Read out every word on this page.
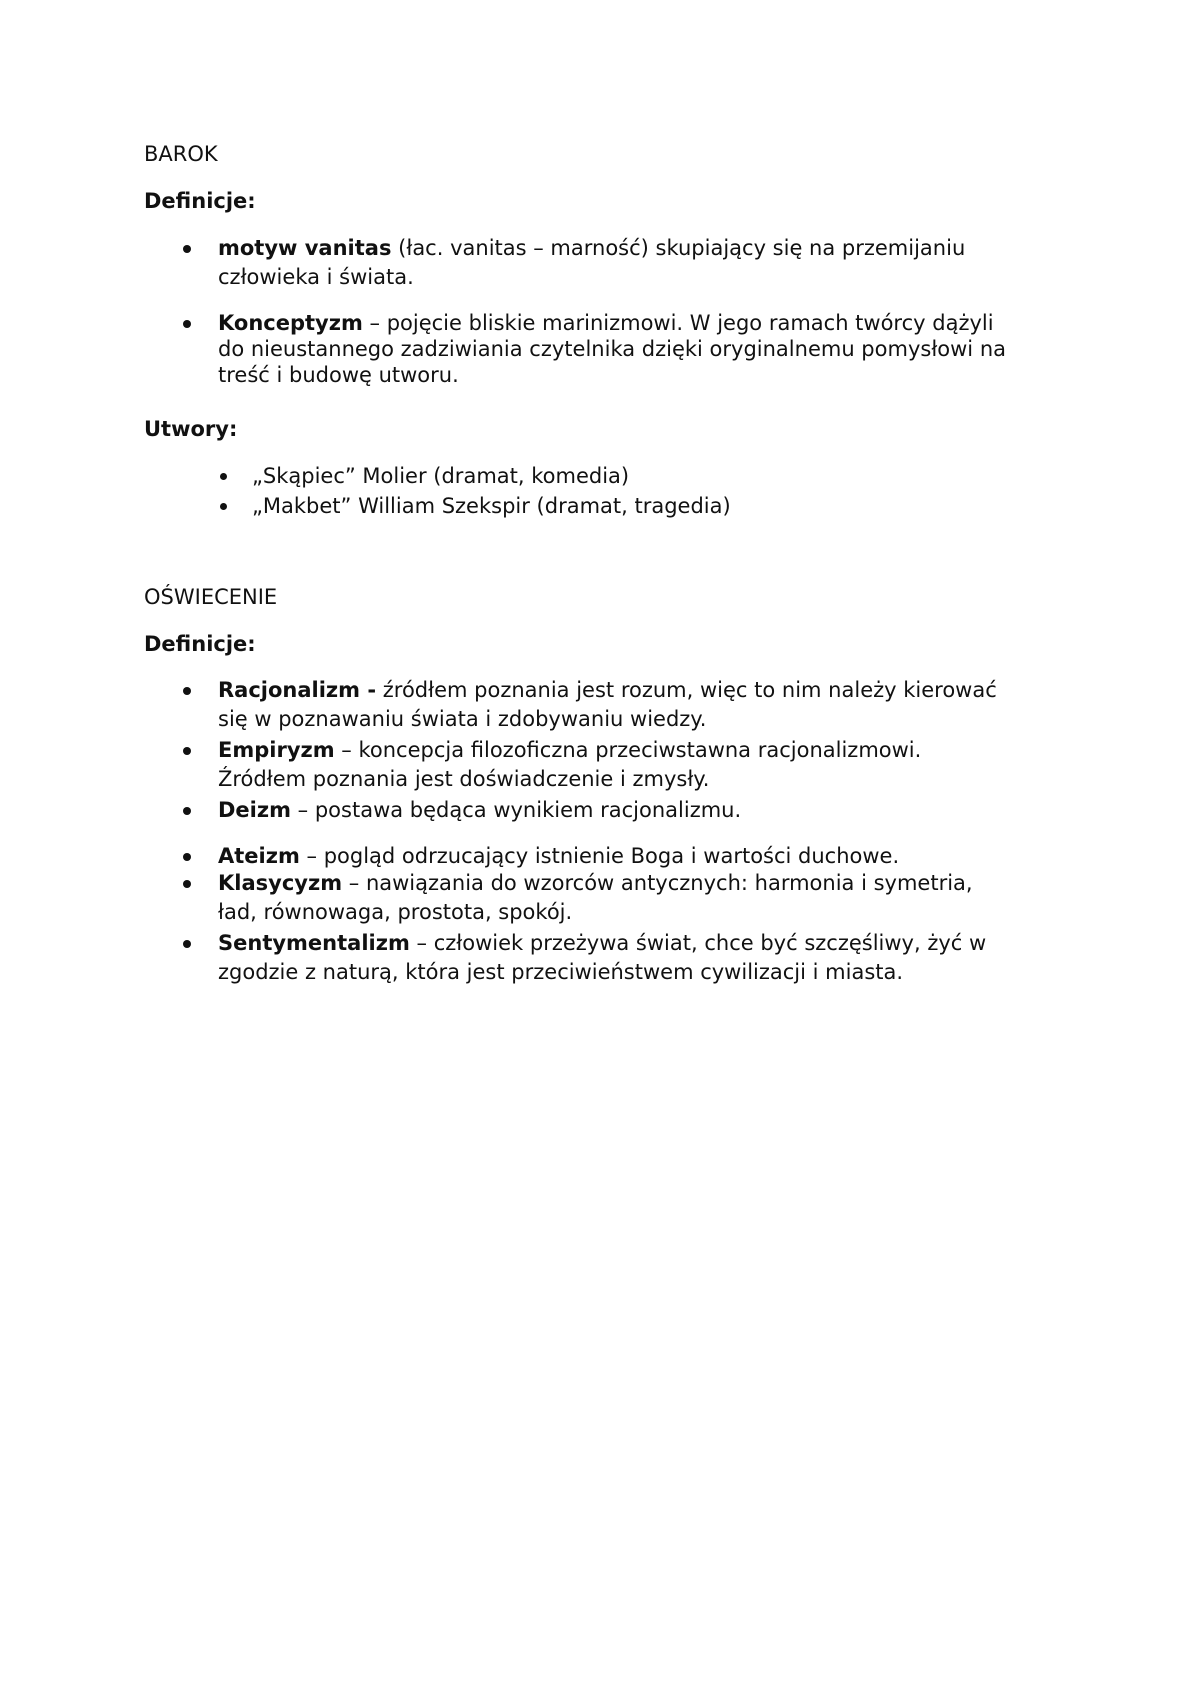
BAROK
Definicje:
motyw vanitas (łac. vanitas – marność) skupiający się na przemijaniu
człowieka i świata.
Konceptyzm – pojęcie bliskie marinizmowi. W jego ramach twórcy dążyli
do nieustannego zadziwiania czytelnika dzięki oryginalnemu pomysłowi na
treść i budowę utworu.
Utwory:
„Skąpiec” Molier (dramat, komedia)
„Makbet” William Szekspir (dramat, tragedia)
OŚWIECENIE
Definicje:
Racjonalizm - źródłem poznania jest rozum, więc to nim należy kierować
się w poznawaniu świata i zdobywaniu wiedzy.
Empiryzm – koncepcja filozoficzna przeciwstawna racjonalizmowi.
Źródłem poznania jest doświadczenie i zmysły.
Deizm – postawa będąca wynikiem racjonalizmu.
Ateizm – pogląd odrzucający istnienie Boga i wartości duchowe.
Klasycyzm – nawiązania do wzorców antycznych: harmonia i symetria,
ład, równowaga, prostota, spokój.
Sentymentalizm – człowiek przeżywa świat, chce być szczęśliwy, żyć w
zgodzie z naturą, która jest przeciwieństwem cywilizacji i miasta.
